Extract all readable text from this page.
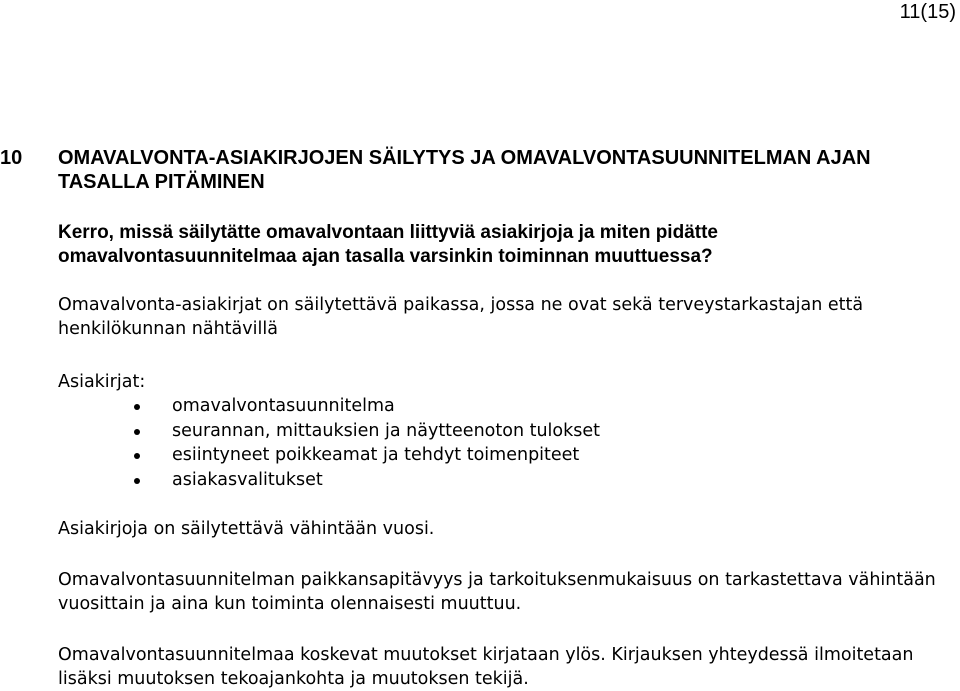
11(15)
10 OMAVALVONTA-ASIAKIRJOJEN SÄILYTYS JA OMAVALVONTASUUNNITELMAN AJAN TASALLA PITÄMINEN
Kerro, missä säilytätte omavalvontaan liittyviä asiakirjoja ja miten pidätte omavalvontasuunnitelmaa ajan tasalla varsinkin toiminnan muuttuessa?

Omavalvonta-asiakirjat on säilytettävä paikassa, jossa ne ovat sekä terveystarkastajan että henkilökunnan nähtävillä

Asiakirjat:

omavalvontasuunnitelma
seurannan, mittauksien ja näytteenoton tulokset
esiintyneet poikkeamat ja tehdyt toimenpiteet
asiakasvalitukset

Asiakirjoja on säilytettävä vähintään vuosi.

Omavalvontasuunnitelman paikkansapitävyys ja tarkoituksenmukaisuus on tarkastettava vähintään vuosittain ja aina kun toiminta olennaisesti muuttuu.

Omavalvontasuunnitelmaa koskevat muutokset kirjataan ylös. Kirjauksen yhteydessä ilmoitetaan lisäksi muutoksen tekoajankohta ja muutoksen tekijä.
